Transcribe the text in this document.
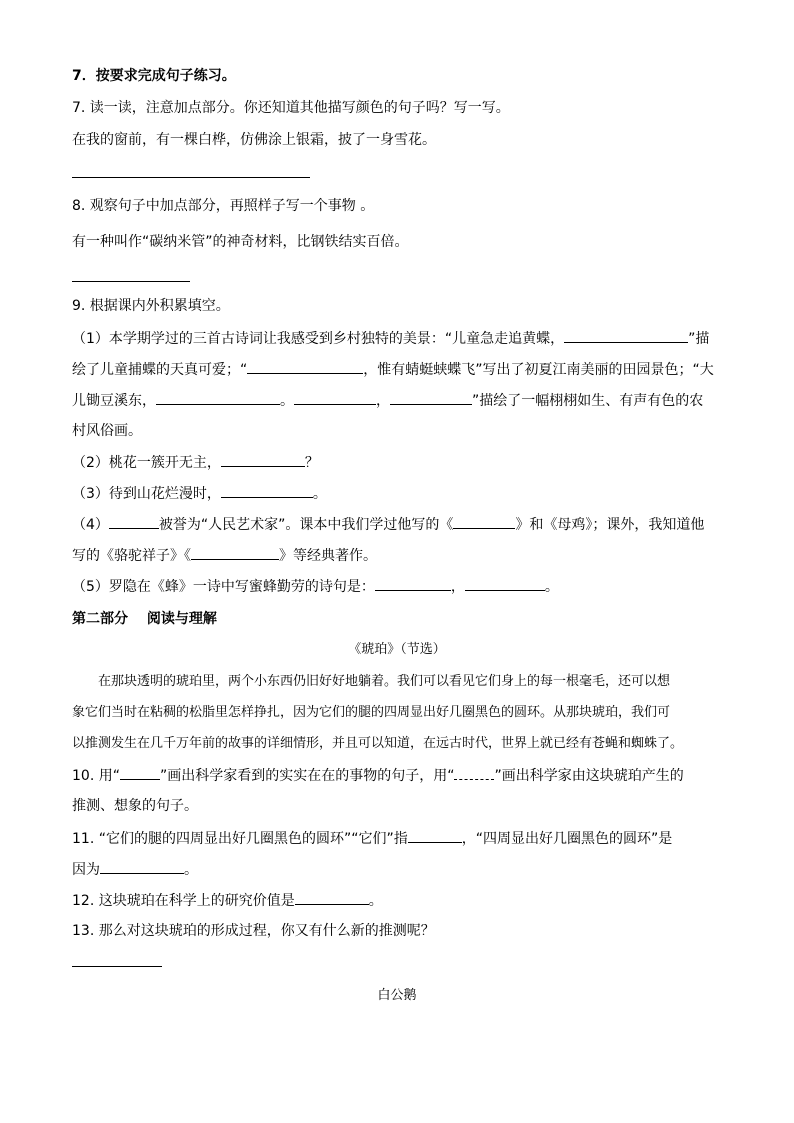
7．按要求完成句子练习。
7. 读一读，注意加点部分。你还知道其他描写颜色的句子吗？写一写。
在我的窗前，有一棵白桦，仿佛涂上银霜，披了一身雪花。
8. 观察句子中加点部分，再照样子写一个事物 。
有一种叫作“碳纳米管”的神奇材料，比钢铁结实百倍。
9. 根据课内外积累填空。
（1）本学期学过的三首古诗词让我感受到乡村独特的美景：“儿童急走追黄蝶，	”描
绘了儿童捕蝶的天真可爱；“	，惟有蜻蜓蛱蝶飞”写出了初夏江南美丽的田园景色；“大
儿锄豆溪东，	。	，	”描绘了一幅栩栩如生、有声有色的农
村风俗画。
（2）桃花一簇开无主，	？
（3）待到山花烂漫时，	。
（4）	被誉为“人民艺术家”。课本中我们学过他写的《	》和《母鸡》；课外，我知道他
写的《骆驼祥子》《	》等经典著作。
（5）罗隐在《蜂》一诗中写蜜蜂勤劳的诗句是：	，	。
第二部分　 阅读与理解
《琥珀》（节选）
　　在那块透明的琥珀里，两个小东西仍旧好好地躺着。我们可以看见它们身上的每一根毫毛，还可以想
象它们当时在粘稠的松脂里怎样挣扎，因为它们的腿的四周显出好几圈黑色的圆环。从那块琥珀，我们可
以推测发生在几千万年前的故事的详细情形，并且可以知道，在远古时代，世界上就已经有苍蝇和蜘蛛了。
10. 用“	”画出科学家看到的实实在在的事物的句子，用“	”画出科学家由这块琥珀产生的
推测、想象的句子。
11. “它们的腿的四周显出好几圈黑色的圆环”“它们”指	，“四周显出好几圈黑色的圆环”是
因为	。
12. 这块琥珀在科学上的研究价值是	。
13. 那么对这块琥珀的形成过程，你又有什么新的推测呢？
白公鹅
